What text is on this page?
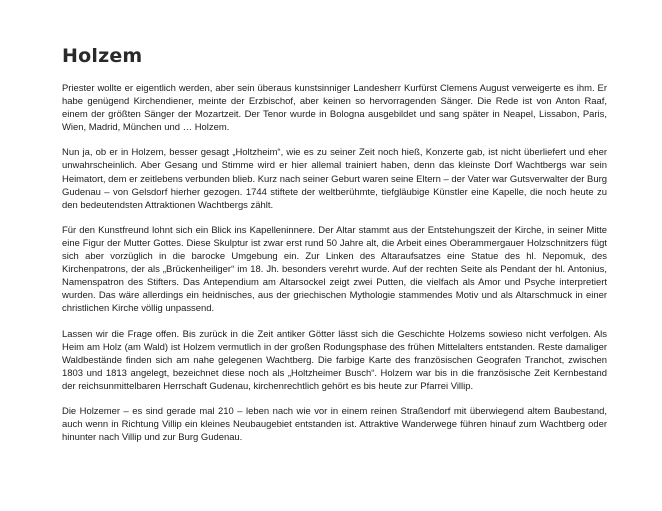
Holzem

Priester wollte er eigentlich werden, aber sein überaus kunstsinniger Landesherr Kurfürst Clemens August verweigerte es ihm. Er habe genügend Kirchendiener, meinte der Erzbischof, aber keinen so hervorragenden Sänger. Die Rede ist von Anton Raaf, einem der größten Sänger der Mozartzeit. Der Tenor wurde in Bologna ausgebildet und sang später in Neapel, Lissabon, Paris, Wien, Madrid, München und … Holzem.

Nun ja, ob er in Holzem, besser gesagt „Holtzheim“, wie es zu seiner Zeit noch hieß, Konzerte gab, ist nicht überliefert und eher unwahrscheinlich. Aber Gesang und Stimme wird er hier allemal trainiert haben, denn das kleinste Dorf Wachtbergs war sein Heimatort, dem er zeitlebens verbunden blieb. Kurz nach seiner Geburt waren seine Eltern – der Vater war Gutsverwalter der Burg Gudenau – von Gelsdorf hierher gezogen. 1744 stiftete der weltberühmte, tiefgläubige Künstler eine Kapelle, die noch heute zu den bedeutendsten Attraktionen Wachtbergs zählt.

Für den Kunstfreund lohnt sich ein Blick ins Kapelleninnere. Der Altar stammt aus der Entstehungszeit der Kirche, in seiner Mitte eine Figur der Mutter Gottes. Diese Skulptur ist zwar erst rund 50 Jahre alt, die Arbeit eines Oberammergauer Holzschnitzers fügt sich aber vorzüglich in die barocke Umgebung ein. Zur Linken des Altaraufsatzes eine Statue des hl. Nepomuk, des Kirchenpatrons, der als „Brückenheiliger“ im 18. Jh. besonders verehrt wurde. Auf der rechten Seite als Pendant der hl. Antonius, Namenspatron des Stifters. Das Antependium am Altarsockel zeigt zwei Putten, die vielfach als Amor und Psyche interpretiert wurden. Das wäre allerdings ein heidnisches, aus der griechischen Mythologie stammendes Motiv und als Altarschmuck in einer christlichen Kirche völlig unpassend.

Lassen wir die Frage offen. Bis zurück in die Zeit antiker Götter lässt sich die Geschichte Holzems sowieso nicht verfolgen. Als Heim am Holz (am Wald) ist Holzem vermutlich in der großen Rodungsphase des frühen Mittelalters entstanden. Reste damaliger Waldbestände finden sich am nahe gelegenen Wachtberg. Die farbige Karte des französischen Geografen Tranchot, zwischen 1803 und 1813 angelegt, bezeichnet diese noch als „Holtzheimer Busch“. Holzem war bis in die französische Zeit Kernbestand der reichsunmittelbaren Herrschaft Gudenau, kirchenrechtlich gehört es bis heute zur Pfarrei Villip.

Die Holzemer – es sind gerade mal 210 – leben nach wie vor in einem reinen Straßendorf mit überwiegend altem Baubestand, auch wenn in Richtung Villip ein kleines Neubaugebiet entstanden ist. Attraktive Wanderwege führen hinauf zum Wachtberg oder hinunter nach Villip und zur Burg Gudenau.
